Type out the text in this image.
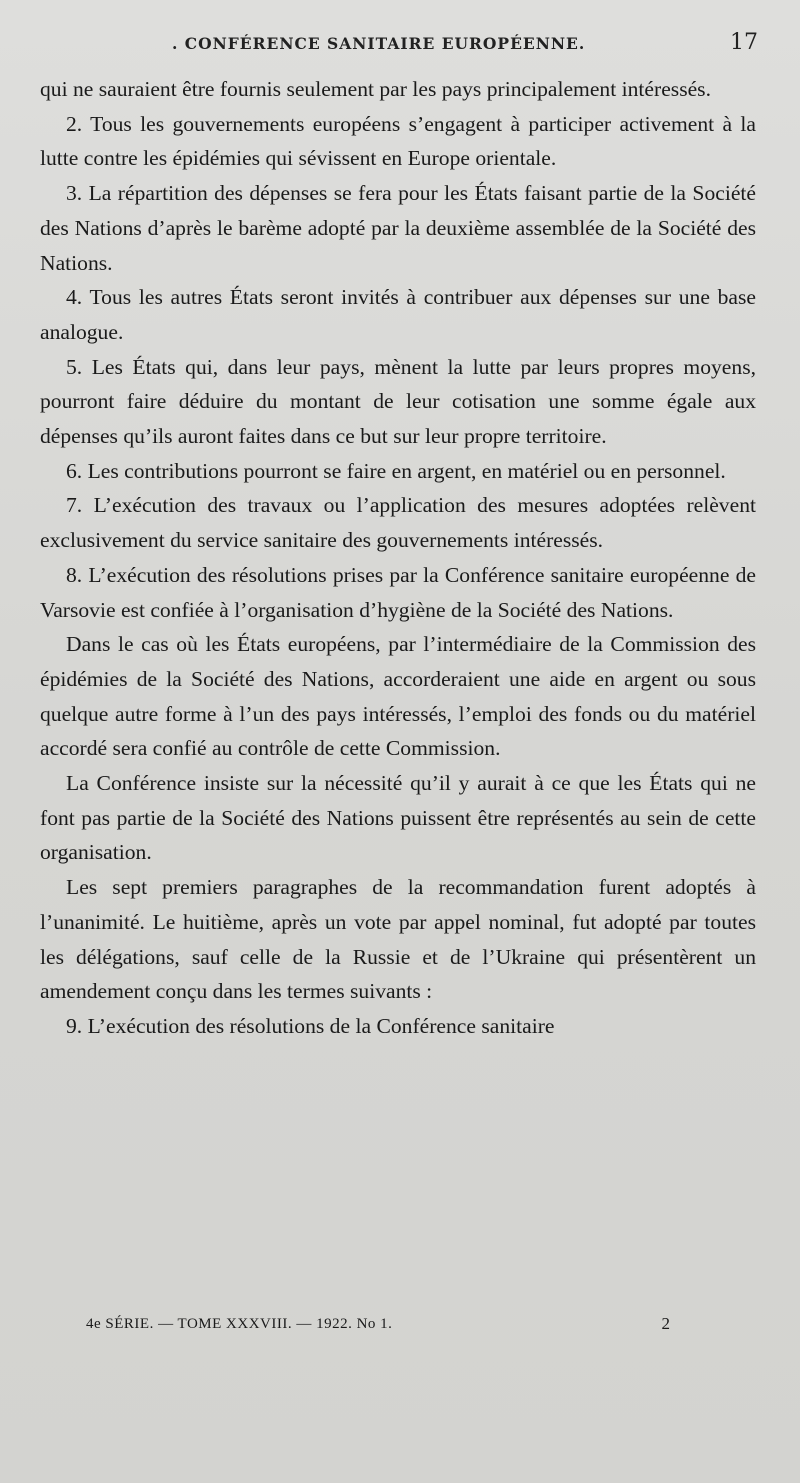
. CONFÉRENCE SANITAIRE EUROPÉENNE.	17

qui ne sauraient être fournis seulement par les pays principalement intéressés.

2. Tous les gouvernements européens s’engagent à participer activement à la lutte contre les épidémies qui sévissent en Europe orientale.

3. La répartition des dépenses se fera pour les États faisant partie de la Société des Nations d’après le barème adopté par la deuxième assemblée de la Société des Nations.

4. Tous les autres États seront invités à contribuer aux dépenses sur une base analogue.

5. Les États qui, dans leur pays, mènent la lutte par leurs propres moyens, pourront faire déduire du montant de leur cotisation une somme égale aux dépenses qu’ils auront faites dans ce but sur leur propre territoire.

6. Les contributions pourront se faire en argent, en matériel ou en personnel.

7. L’exécution des travaux ou l’application des mesures adoptées relèvent exclusivement du service sanitaire des gouvernements intéressés.

8. L’exécution des résolutions prises par la Conférence sanitaire européenne de Varsovie est confiée à l’organisation d’hygiène de la Société des Nations.

Dans le cas où les États européens, par l’intermédiaire de la Commission des épidémies de la Société des Nations, accorderaient une aide en argent ou sous quelque autre forme à l’un des pays intéressés, l’emploi des fonds ou du matériel accordé sera confié au contrôle de cette Commission.

La Conférence insiste sur la nécessité qu’il y aurait à ce que les États qui ne font pas partie de la Société des Nations puissent être représentés au sein de cette organisation.

Les sept premiers paragraphes de la recommandation furent adoptés à l’unanimité. Le huitième, après un vote par appel nominal, fut adopté par toutes les délégations, sauf celle de la Russie et de l’Ukraine qui présentèrent un amendement conçu dans les termes suivants :

9. L’exécution des résolutions de la Conférence sanitaire

4e SÉRIE. — TOME XXXVIII. — 1922. No 1.	2
